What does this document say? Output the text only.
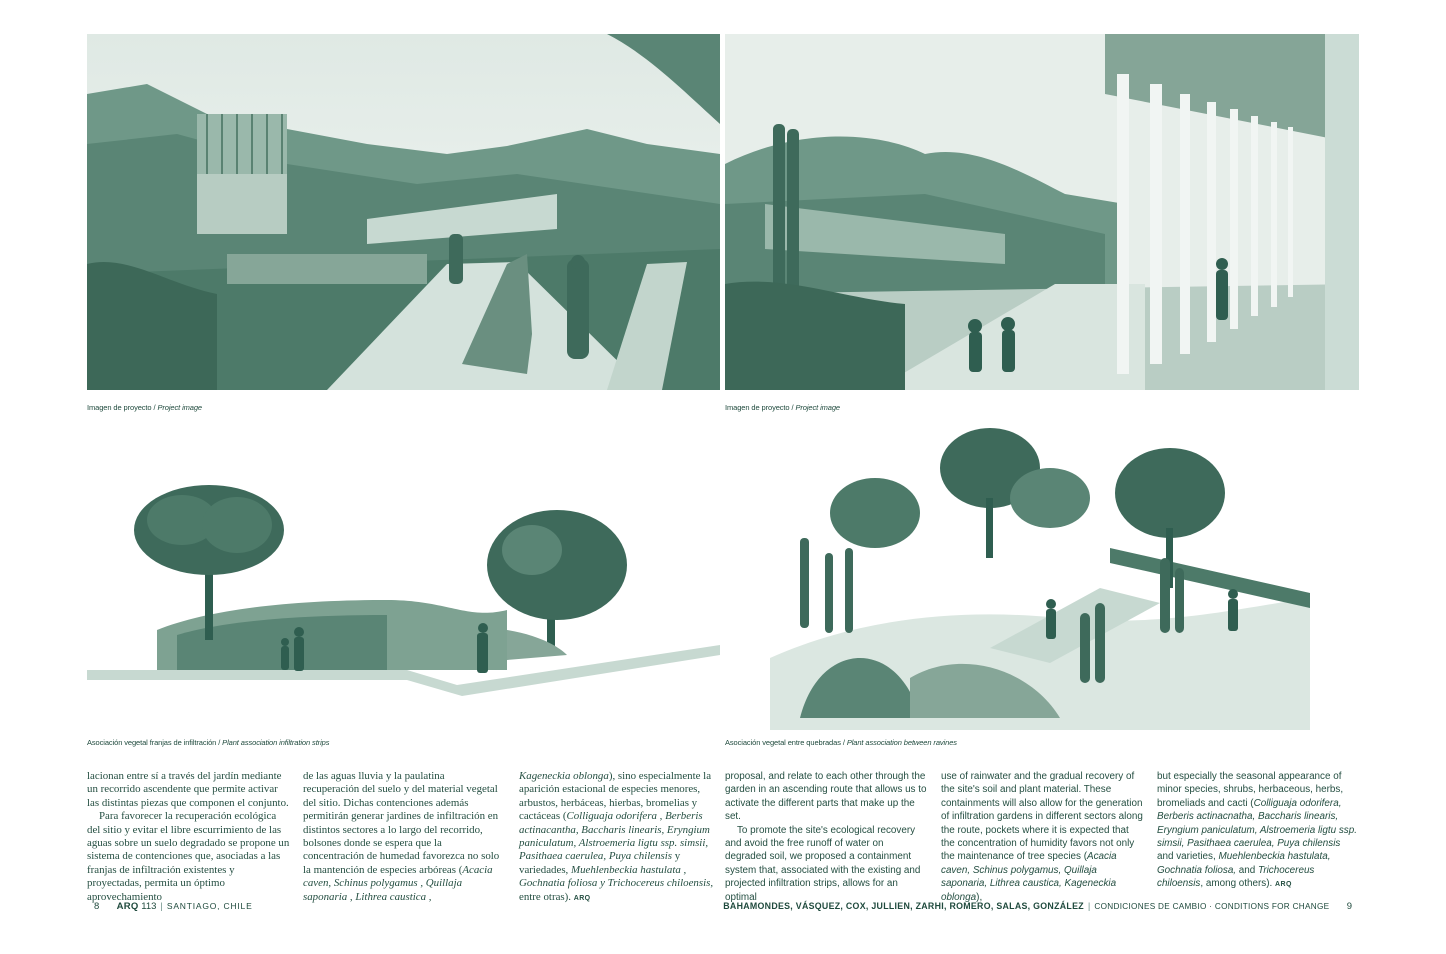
Imagen de proyecto / Project image	Imagen de proyecto / Project image
Asociación vegetal franjas de infiltración / Plant association infiltration strips	Asociación vegetal entre quebradas / Plant association between ravines

lacionan entre sí a través del jardín mediante un recorrido ascendente que permite activar las distintas piezas que componen el conjunto.

Para favorecer la recuperación ecológica del sitio y evitar el libre escurrimiento de las aguas sobre un suelo degradado se propone un sistema de contenciones que, asociadas a las franjas de infiltración existentes y proyectadas, permita un óptimo aprovechamiento

de las aguas lluvia y la paulatina recuperación del suelo y del material vegetal del sitio. Dichas contenciones además permitirán generar jardines de infiltración en distintos sectores a lo largo del recorrido, bolsones donde se espera que la concentración de humedad favorezca no solo la mantención de especies arbóreas (Acacia caven, Schinus polygamus , Quillaja saponaria , Lithrea caustica ,

Kageneckia oblonga), sino especialmente la aparición estacional de especies menores, arbustos, herbáceas, hierbas, bromelias y cactáceas (Colliguaja odorifera , Berberis actinacantha, Baccharis linearis, Eryngium paniculatum, Alstroemeria ligtu ssp. simsii, Pasithaea caerulea, Puya chilensis y variedades, Muehlenbeckia hastulata , Gochnatia foliosa y Trichocereus chiloensis, entre otras). ARQ

proposal, and relate to each other through the garden in an ascending route that allows us to activate the different parts that make up the set.

To promote the site's ecological recovery and avoid the free runoff of water on degraded soil, we proposed a containment system that, associated with the existing and projected infiltration strips, allows for an optimal

use of rainwater and the gradual recovery of the site's soil and plant material. These containments will also allow for the generation of infiltration gardens in different sectors along the route, pockets where it is expected that the concentration of humidity favors not only the maintenance of tree species (Acacia caven, Schinus polygamus, Quillaja saponaria, Lithrea caustica, Kageneckia oblonga),

but especially the seasonal appearance of minor species, shrubs, herbaceous, herbs, bromeliads and cacti (Colliguaja odorifera, Berberis actinacnatha, Baccharis linearis, Eryngium paniculatum, Alstroemeria ligtu ssp. simsii, Pasithaea caerulea, Puya chilensis and varieties, Muehlenbeckia hastulata, Gochnatia foliosa, and Trichocereus chiloensis, among others). ARQ

8 ARQ 113 | SANTIAGO, CHILE	BAHAMONDES, VÁSQUEZ, COX, JULLIEN, ZARHI, ROMERO, SALAS, GONZÁLEZ | CONDICIONES DE CAMBIO · CONDITIONS FOR CHANGE 9
